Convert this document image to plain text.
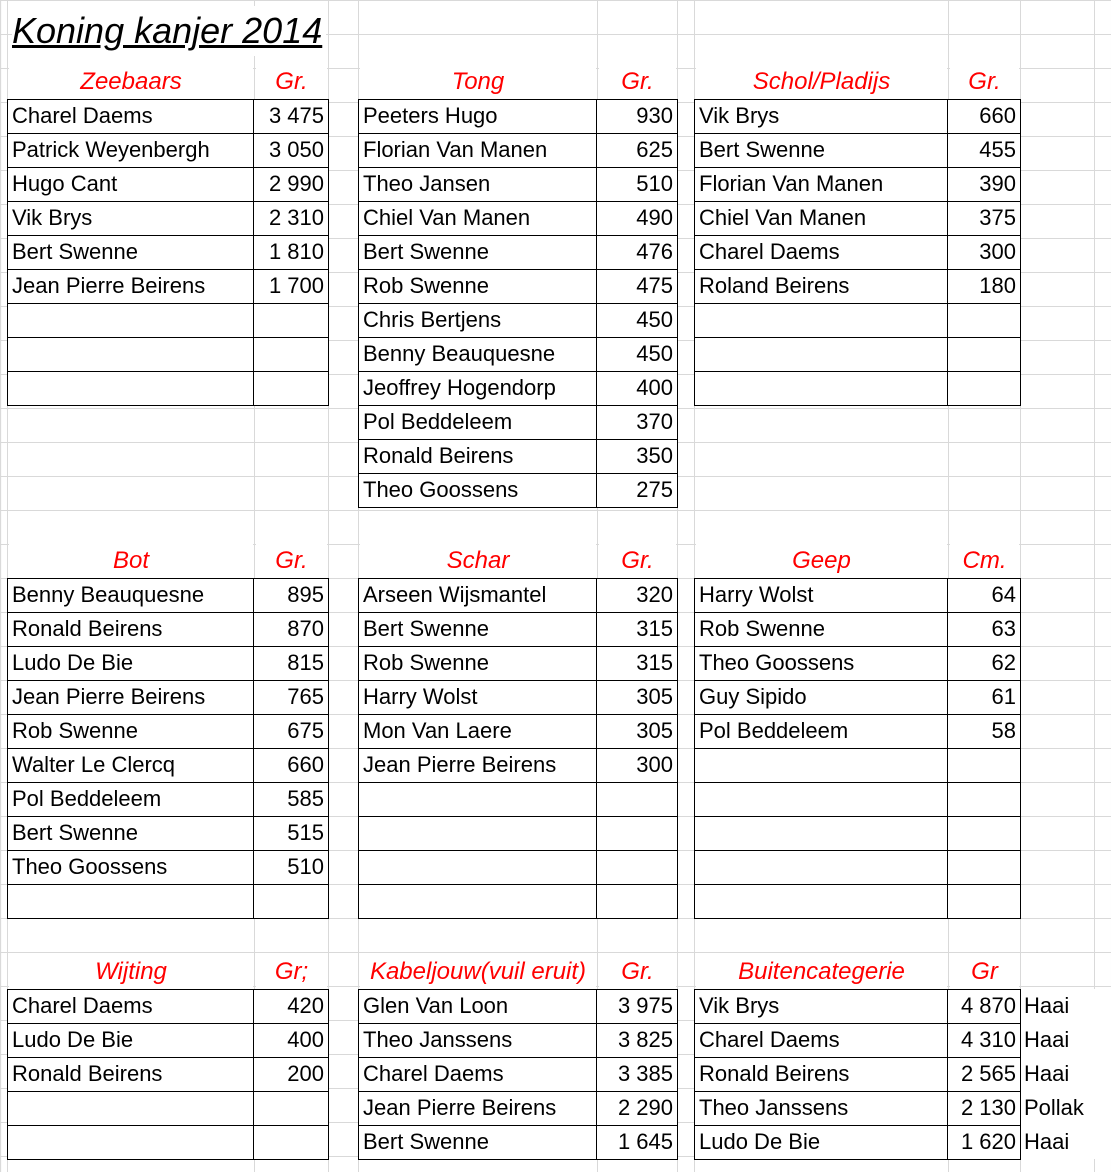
Koning kanjer 2014
Zeebaars	Gr.
Charel Daems	3 475
Patrick Weyenbergh	3 050
Hugo Cant	2 990
Vik Brys	2 310
Bert Swenne	1 810
Jean Pierre Beirens	1 700
Tong	Gr.
Peeters Hugo	930
Florian Van Manen	625
Theo Jansen	510
Chiel Van Manen	490
Bert Swenne	476
Rob Swenne	475
Chris Bertjens	450
Benny Beauquesne	450
Jeoffrey Hogendorp	400
Pol Beddeleem	370
Ronald Beirens	350
Theo Goossens	275
Schol/Pladijs	Gr.
Vik Brys	660
Bert Swenne	455
Florian Van Manen	390
Chiel Van Manen	375
Charel Daems	300
Roland Beirens	180
Bot	Gr.
Benny Beauquesne	895
Ronald Beirens	870
Ludo De Bie	815
Jean Pierre Beirens	765
Rob Swenne	675
Walter Le Clercq	660
Pol Beddeleem	585
Bert Swenne	515
Theo Goossens	510
Schar	Gr.
Arseen Wijsmantel	320
Bert Swenne	315
Rob Swenne	315
Harry Wolst	305
Mon Van Laere	305
Jean Pierre Beirens	300
Geep	Cm.
Harry Wolst	64
Rob Swenne	63
Theo Goossens	62
Guy Sipido	61
Pol Beddeleem	58
Wijting	Gr;
Charel Daems	420
Ludo De Bie	400
Ronald Beirens	200
Kabeljouw(vuil eruit)	Gr.
Glen Van Loon	3 975
Theo Janssens	3 825
Charel Daems	3 385
Jean Pierre Beirens	2 290
Bert Swenne	1 645
Buitencategerie	Gr
Vik Brys	4 870 Haai
Charel Daems	4 310 Haai
Ronald Beirens	2 565 Haai
Theo Janssens	2 130 Pollak
Ludo De Bie	1 620 Haai
